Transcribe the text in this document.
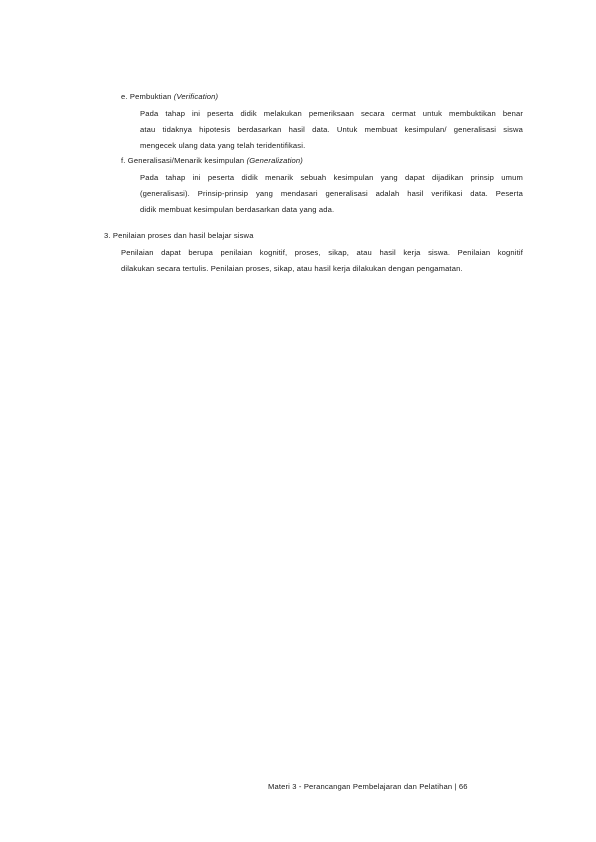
e. Pembuktian (Verification)
Pada tahap ini peserta didik melakukan pemeriksaan secara cermat untuk membuktikan benar
atau tidaknya hipotesis berdasarkan hasil data. Untuk membuat kesimpulan/ generalisasi siswa
mengecek ulang data yang telah teridentifikasi.
f. Generalisasi/Menarik kesimpulan (Generalization)
Pada tahap ini peserta didik menarik sebuah kesimpulan yang dapat dijadikan prinsip umum
(generalisasi). Prinsip-prinsip yang mendasari generalisasi adalah hasil verifikasi data. Peserta
didik membuat kesimpulan berdasarkan data yang ada.
3. Penilaian proses dan hasil belajar siswa
Penilaian dapat berupa penilaian kognitif, proses, sikap, atau hasil kerja siswa. Penilaian kognitif
dilakukan secara tertulis. Penilaian proses, sikap, atau hasil kerja dilakukan dengan pengamatan.
Materi 3 - Perancangan Pembelajaran dan Pelatihan | 66
